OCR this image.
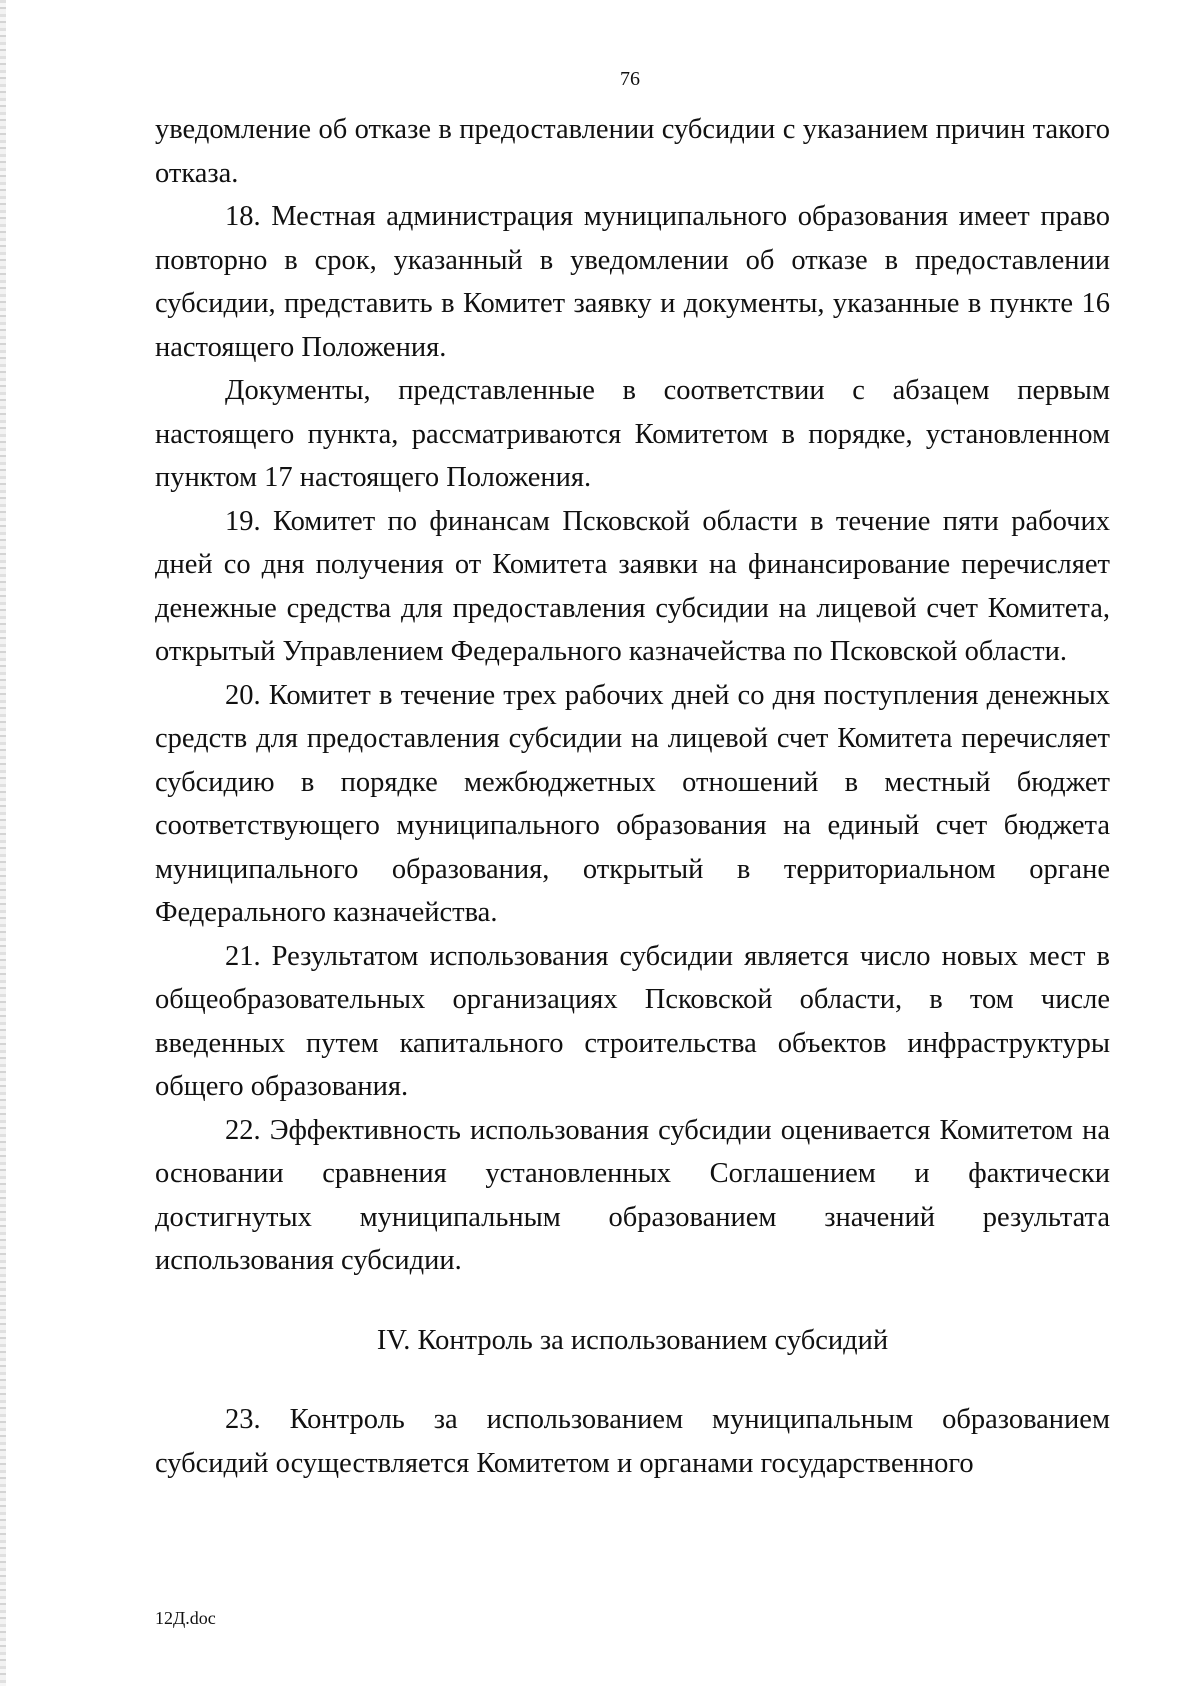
76

уведомление об отказе в предоставлении субсидии с указанием причин такого отказа.

18. Местная администрация муниципального образования имеет право повторно в срок, указанный в уведомлении об отказе в предоставлении субсидии, представить в Комитет заявку и документы, указанные в пункте 16 настоящего Положения.

Документы, представленные в соответствии с абзацем первым настоящего пункта, рассматриваются Комитетом в порядке, установленном пунктом 17 настоящего Положения.

19. Комитет по финансам Псковской области в течение пяти рабочих дней со дня получения от Комитета заявки на финансирование перечисляет денежные средства для предоставления субсидии на лицевой счет Комитета, открытый Управлением Федерального казначейства по Псковской области.

20. Комитет в течение трех рабочих дней со дня поступления денежных средств для предоставления субсидии на лицевой счет Комитета перечисляет субсидию в порядке межбюджетных отношений в местный бюджет соответствующего муниципального образования на единый счет бюджета муниципального образования, открытый в территориальном органе Федерального казначейства.

21. Результатом использования субсидии является число новых мест в общеобразовательных организациях Псковской области, в том числе введенных путем капитального строительства объектов инфраструктуры общего образования.

22. Эффективность использования субсидии оценивается Комитетом на основании сравнения установленных Соглашением и фактически достигнутых муниципальным образованием значений результата использования субсидии.

IV. Контроль за использованием субсидий

23. Контроль за использованием муниципальным образованием субсидий осуществляется Комитетом и органами государственного

12Д.doc
